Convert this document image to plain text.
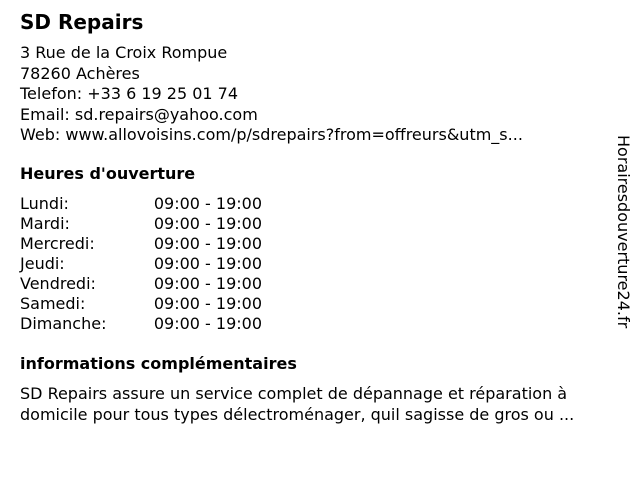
SD Repairs
3 Rue de la Croix Rompue
78260 Achères
Telefon: +33 6 19 25 01 74
Email: sd.repairs@yahoo.com
Web: www.allovoisins.com/p/sdrepairs?from=offreurs&utm_s...
Heures d'ouverture
Lundi:	09:00 - 19:00
Mardi:	09:00 - 19:00
Mercredi:	09:00 - 19:00
Jeudi:	09:00 - 19:00
Vendredi:	09:00 - 19:00
Samedi:	09:00 - 19:00
Dimanche:	09:00 - 19:00
informations complémentaires
SD Repairs assure un service complet de dépannage et réparation à
domicile pour tous types délectroménager, quil sagisse de gros ou ...
Horairesdouverture24.fr
